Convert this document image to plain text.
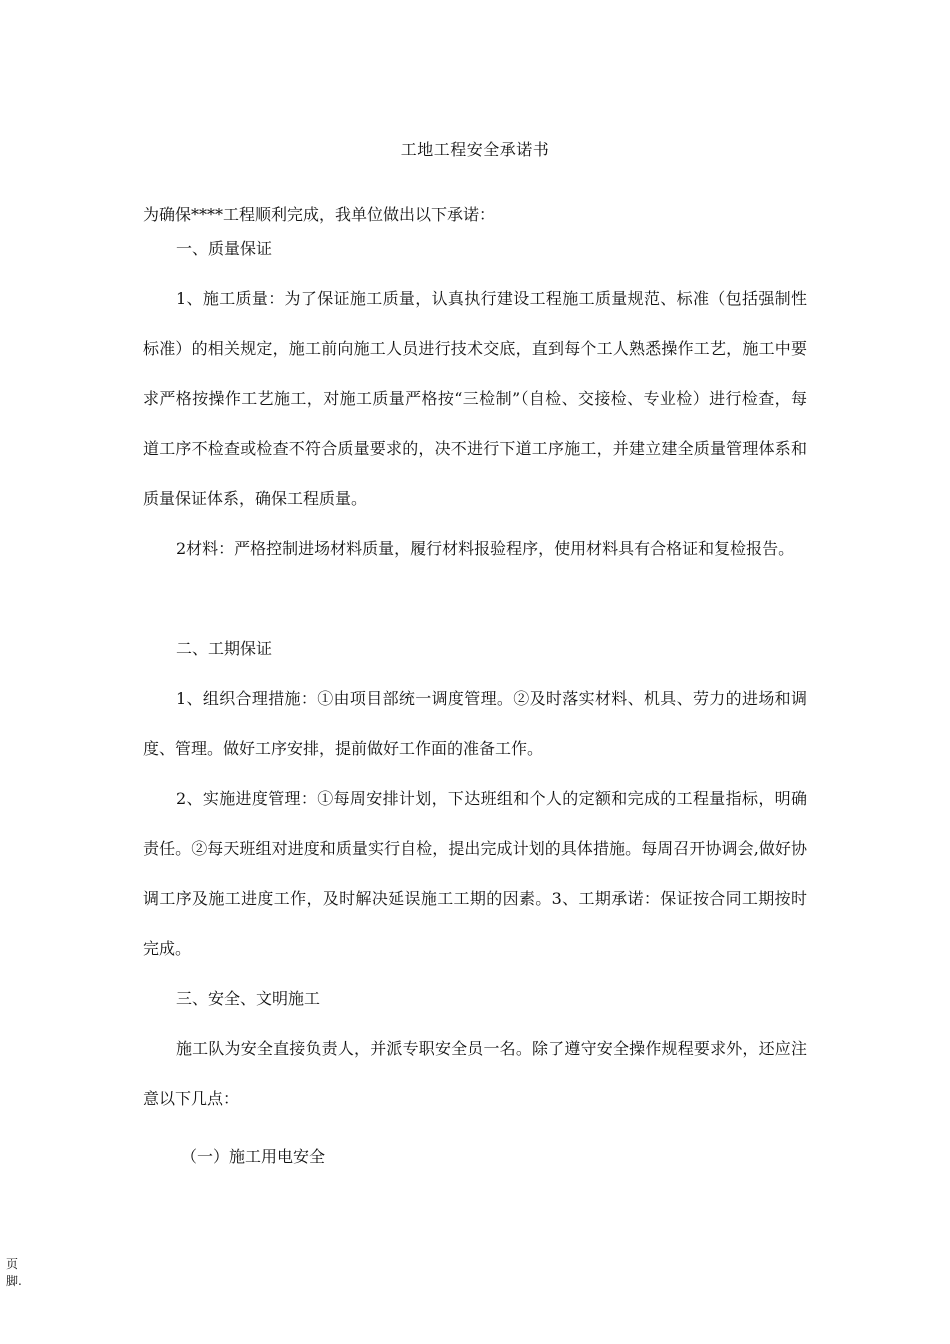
工地工程安全承诺书

为确保****工程顺利完成，我单位做出以下承诺：

一、质量保证

1、施工质量：为了保证施工质量，认真执行建设工程施工质量规范、标准（包括强制性标准）的相关规定，施工前向施工人员进行技术交底，直到每个工人熟悉操作工艺，施工中要求严格按操作工艺施工，对施工质量严格按“三检制”（自检、交接检、专业检）进行检查，每道工序不检查或检查不符合质量要求的，决不进行下道工序施工，并建立建全质量管理体系和质量保证体系，确保工程质量。

2材料：严格控制进场材料质量，履行材料报验程序，使用材料具有合格证和复检报告。

二、工期保证

1、组织合理措施：①由项目部统一调度管理。②及时落实材料、机具、劳力的进场和调度、管理。做好工序安排，提前做好工作面的准备工作。

2、实施进度管理：①每周安排计划，下达班组和个人的定额和完成的工程量指标，明确责任。②每天班组对进度和质量实行自检，提出完成计划的具体措施。每周召开协调会,做好协调工序及施工进度工作，及时解决延误施工工期的因素。3、工期承诺：保证按合同工期按时完成。

三、安全、文明施工

施工队为安全直接负责人，并派专职安全员一名。除了遵守安全操作规程要求外，还应注意以下几点：

（一）施工用电安全

页脚.
